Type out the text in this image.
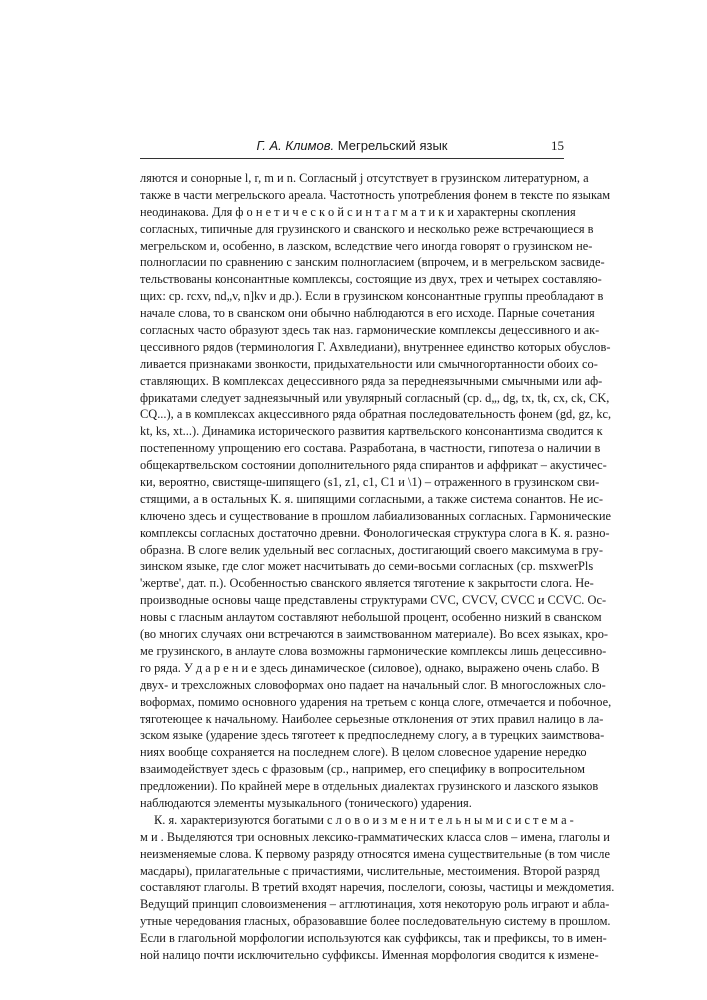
Г. А. Климов. Мегрельский язык	15
ляются и сонорные l, r, m и n. Согласный j отсутствует в грузинском литературном, а
также в части мегрельского ареала. Частотность употребления фонем в тексте по языкам
неодинакова. Для ф о н е т и ч е с к о й с и н т а г м а т и к и характерны скопления
согласных, типичные для грузинского и сванского и несколько реже встречающиеся в
мегрельском и, особенно, в лазском, вследствие чего иногда говорят о грузинском не-
полногласии по сравнению с занским полногласием (впрочем, и в мегрельском засвиде-
тельствованы консонантные комплексы, состоящие из двух, трех и четырех составляю-
щих: ср. rcxv, nd„v, n]kv и др.). Если в грузинском консонантные группы преобладают в
начале слова, то в сванском они обычно наблюдаются в его исходе. Парные сочетания
согласных часто образуют здесь так наз. гармонические комплексы децессивного и ак-
цессивного рядов (терминология Г. Ахвледиани), внутреннее единство которых обуслов-
ливается признаками звонкости, придыхательности или смычногортанности обоих со-
ставляющих. В комплексах децессивного ряда за переднеязычными смычными или аф-
фрикатами следует заднеязычный или увулярный согласный (ср. d„, dg, tx, tk, cx, ck, CK,
CQ...), а в комплексах акцессивного ряда обратная последовательность фонем (gd, gz, kc,
kt, ks, xt...). Динамика исторического развития картвельского консонантизма сводится к
постепенному упрощению его состава. Разработана, в частности, гипотеза о наличии в
общекартвельском состоянии дополнительного ряда спирантов и аффрикат – акустичес-
ки, вероятно, свистяще-шипящего (s1, z1, c1, C1 и \1) – отраженного в грузинском сви-
стящими, а в остальных К. я. шипящими согласными, а также система сонантов. Не ис-
ключено здесь и существование в прошлом лабиализованных согласных. Гармонические
комплексы согласных достаточно древни. Фонологическая структура слога в К. я. разно-
образна. В слоге велик удельный вес согласных, достигающий своего максимума в гру-
зинском языке, где слог может насчитывать до семи-восьми согласных (ср. msxwerPls
'жертве', дат. п.). Особенностью сванского является тяготение к закрытости слога. Не-
производные основы чаще представлены структурами CVC, CVCV, CVCC и CCVC. Ос-
новы с гласным анлаутом составляют небольшой процент, особенно низкий в сванском
(во многих случаях они встречаются в заимствованном материале). Во всех языках, кро-
ме грузинского, в анлауте слова возможны гармонические комплексы лишь децессивно-
го ряда. У д а р е н и е здесь динамическое (силовое), однако, выражено очень слабо. В
двух- и трехсложных словоформах оно падает на начальный слог. В многосложных сло-
воформах, помимо основного ударения на третьем с конца слоге, отмечается и побочное,
тяготеющее к начальному. Наиболее серьезные отклонения от этих правил налицо в ла-
зском языке (ударение здесь тяготеет к предпоследнему слогу, а в турецких заимствова-
ниях вообще сохраняется на последнем слоге). В целом словесное ударение нередко
взаимодействует здесь с фразовым (ср., например, его специфику в вопросительном
предложении). По крайней мере в отдельных диалектах грузинского и лазского языков
наблюдаются элементы музыкального (тонического) ударения.
К. я. характеризуются богатыми с л о в о и з м е н и т е л ь н ы м и с и с т е м а -
м и . Выделяются три основных лексико-грамматических класса слов – имена, глаголы и
неизменяемые слова. К первому разряду относятся имена существительные (в том числе
масдары), прилагательные с причастиями, числительные, местоимения. Второй разряд
составляют глаголы. В третий входят наречия, послелоги, союзы, частицы и междометия.
Ведущий принцип словоизменения – агглютинация, хотя некоторую роль играют и абла-
утные чередования гласных, образовавшие более последовательную систему в прошлом.
Если в глагольной морфологии используются как суффиксы, так и префиксы, то в имен-
ной налицо почти исключительно суффиксы. Именная морфология сводится к измене-
